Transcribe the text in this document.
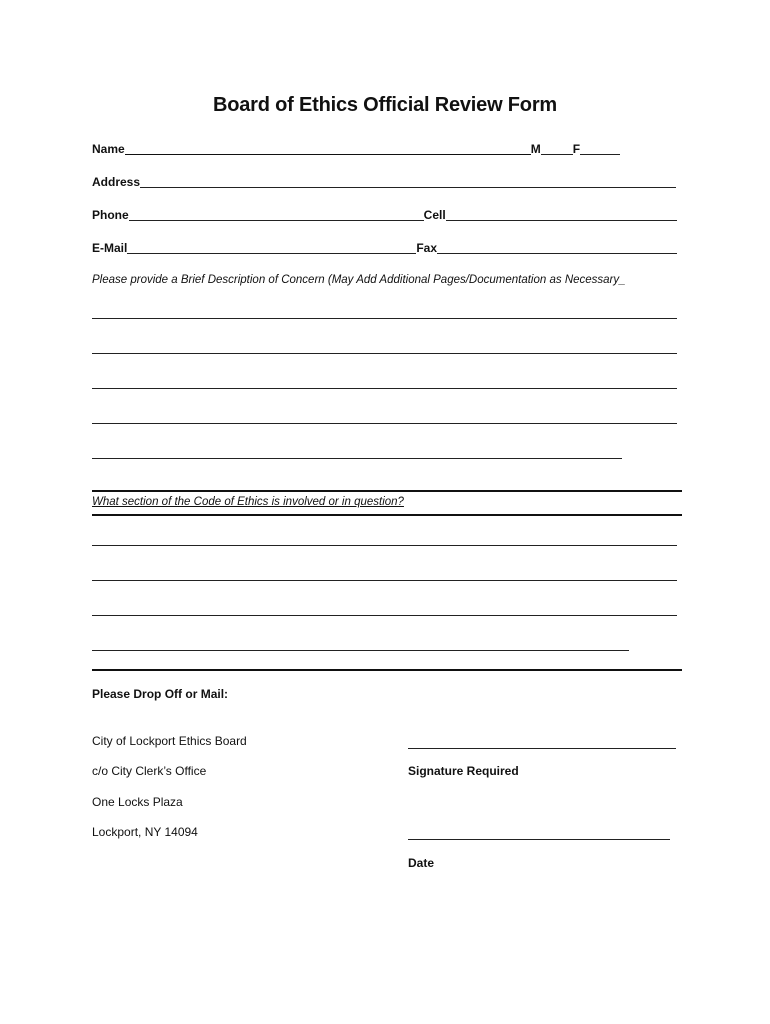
Board of Ethics Official Review Form
Name	M	F
Address
Phone	Cell
E-Mail	Fax
Please provide a Brief Description of Concern (May Add Additional Pages/Documentation as Necessary_
What section of the Code of Ethics is involved or in question?
Please Drop Off or Mail:
City of Lockport Ethics Board
c/o City Clerk’s Office
One Locks Plaza
Lockport, NY 14094
Signature Required
Date
